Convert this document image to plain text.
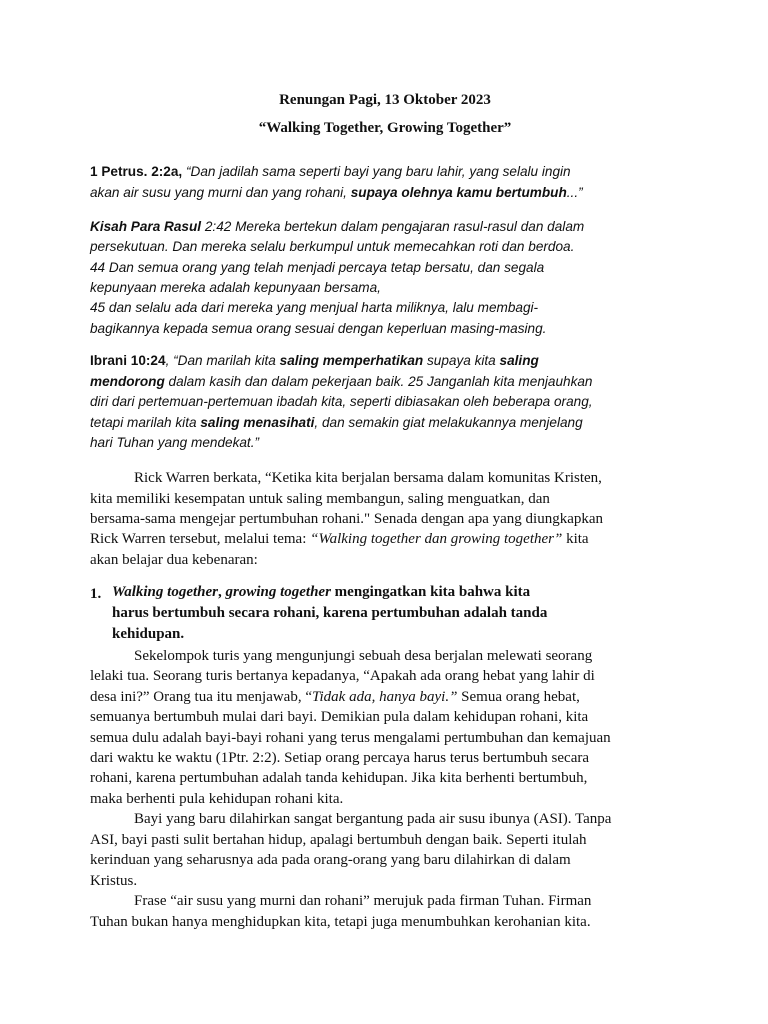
Renungan Pagi, 13 Oktober 2023
“Walking Together, Growing Together”
1 Petrus. 2:2a, “Dan jadilah sama seperti bayi yang baru lahir, yang selalu ingin
akan air susu yang murni dan yang rohani, supaya olehnya kamu bertumbuh...”
Kisah Para Rasul 2:42 Mereka bertekun dalam pengajaran rasul-rasul dan dalam
persekutuan. Dan mereka selalu berkumpul untuk memecahkan roti dan berdoa.
44 Dan semua orang yang telah menjadi percaya tetap bersatu, dan segala
kepunyaan mereka adalah kepunyaan bersama,
45 dan selalu ada dari mereka yang menjual harta miliknya, lalu membagi-
bagikannya kepada semua orang sesuai dengan keperluan masing-masing.
Ibrani 10:24, “Dan marilah kita saling memperhatikan supaya kita saling
mendorong dalam kasih dan dalam pekerjaan baik. 25 Janganlah kita menjauhkan
diri dari pertemuan-pertemuan ibadah kita, seperti dibiasakan oleh beberapa orang,
tetapi marilah kita saling menasihati, dan semakin giat melakukannya menjelang
hari Tuhan yang mendekat.”
Rick Warren berkata, “Ketika kita berjalan bersama dalam komunitas Kristen,
kita memiliki kesempatan untuk saling membangun, saling menguatkan, dan
bersama-sama mengejar pertumbuhan rohani." Senada dengan apa yang diungkapkan
Rick Warren tersebut, melalui tema: “Walking together dan growing together” kita
akan belajar dua kebenaran:
1. Walking together, growing together mengingatkan kita bahwa kita
harus bertumbuh secara rohani, karena pertumbuhan adalah tanda
kehidupan.
Sekelompok turis yang mengunjungi sebuah desa berjalan melewati seorang
lelaki tua. Seorang turis bertanya kepadanya, “Apakah ada orang hebat yang lahir di
desa ini?” Orang tua itu menjawab, “Tidak ada, hanya bayi.” Semua orang hebat,
semuanya bertumbuh mulai dari bayi. Demikian pula dalam kehidupan rohani, kita
semua dulu adalah bayi-bayi rohani yang terus mengalami pertumbuhan dan kemajuan
dari waktu ke waktu (1Ptr. 2:2). Setiap orang percaya harus terus bertumbuh secara
rohani, karena pertumbuhan adalah tanda kehidupan. Jika kita berhenti bertumbuh,
maka berhenti pula kehidupan rohani kita.
Bayi yang baru dilahirkan sangat bergantung pada air susu ibunya (ASI). Tanpa
ASI, bayi pasti sulit bertahan hidup, apalagi bertumbuh dengan baik. Seperti itulah
kerinduan yang seharusnya ada pada orang-orang yang baru dilahirkan di dalam
Kristus.
Frase “air susu yang murni dan rohani” merujuk pada firman Tuhan. Firman
Tuhan bukan hanya menghidupkan kita, tetapi juga menumbuhkan kerohanian kita.
